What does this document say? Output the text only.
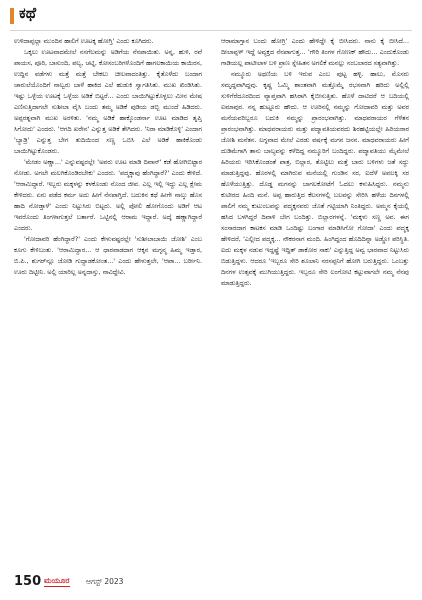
ಕಥೆ

ಉಳಿದಾಪ್ಪಲ್ಲಾ ಮುಂದಿನ ಹಾಲಿಗೆ ಊಟಕ್ಕ ಹೋಗ್ತಿ' ಎಂದು ಕೂಗಿದರು.

ಒಕ್ಕಲು ಊಟವಾದಮೇಲೆ ನಸಗೆಲಮನ್ನು ಅಡಿಗೆಯ ನೆನಪಾಯಿತು. ಅನ್ನ, ಹುಳಿ, ರವೆ ಪಾಯಸ, ಪೂರಿ, ಬಾಸುಂದಿ, ಪಲ್ಯ, ಚಟ್ನಿ, ಕೋಸಂಬರಿಗಳೊಂದಿಗೆ ಹಾಗಲಕಾಯಿಯ ಕಾಯಿರಸ, ಉದ್ದಿನ ವಡೆಗಳು ಮತ್ತೆ ಮತ್ತೆ ಬೇಕಲು ಚೀಲವಾದಂತಿತ್ತು. ಕೈತೊಳೆದು ಬಂದಾಗ ಚಾರುಲೆಯೊಂದಿಗೆ ನಾಲ್ವರು ಬಾಳೆ ಹಾಕಿದ ಎಲೆ ಹುಡುಕಿ ಸ್ವಾಗತಿಸಿತು. ಮುಖ ಖಿಂಡಿಸಿತು. ಇಷ್ಟು ಒಳ್ಳೆಯ ಊಟಕ್ಕೆ ಒಳ್ಳೆಯ ಅಡಿಕೆ ಬಿಟ್ಟರೆ... ಎಂದು ಬಾಯಿಗಿಟ್ಟುಕೊಳ್ಳಲು ಮೀನ ಮೇಷ ಎಣಿಸುತ್ತಿದಾಗಲೇ ಸುಶೀಲಾ ವೈಸಿ ಬಂದು ತಮ್ಮ ಅಡಿಕೆ ಪುಡಿಯ ಡಬ್ಬಿ ಮುಂದೆ ಹಿಡಿದರು. ಅಪ್ಪರತ್ನವಾಗಿ ಮುಖ ಅರಳಿತು. 'ನಮ್ಮ ಅಡಿಕೆ ಹಾಕ್ಕೊಂಡರ್ನಾ ಊಟ ಮಾಡಿದ ತೃಪ್ತಿ ಸಿಗೋದು' ಎಂದರು. 'ಆಗದಿ ಖರೇನ' ಎನ್ನುತ್ತ ಅಡಿಕೆ ತೇಗಿದರು. 'ನಿರಾ ಮಾಡಿಕೊಳ್ಳಿ' ಎಂದಾಗ 'ಬ್ಯಾಡ್ರಿ' ಎನ್ನುತ್ತ ಬೇಗ ತುದಿಯಿಂದ ಸಣ್ಣ ಒಬಿಸಿ ಎಲೆ ಅಡಿಕೆ ಹಾಕಿಕೊಂಡು ಬಾಯಿಗಿಟ್ಟುಕೊಂಡರು.

'ಮೇಡಂ ಅಣ್ಣಾ...' ಎನ್ನುವಷ್ಟರಲ್ಲೇ 'ಅವರು ಊಟ ಮಾಡಿ ದಿವಾನ್' ಕಡೆ ಹೋಗಿಬಿಟ್ಟಾರ ನೋಡು. ಅಗಲೇ ಮಲಗಿಕೊಂಡಿರಬೇಕು' ಎಂದರು. 'ಪದ್ಮಕ್ಕಾವು ಹೆಂಗಿದ್ದಾರೆ?' ಎಂದು ಕೇಳಿದೆ. 'ಆರಾಮಿದ್ದಾರೆ. ಇಬ್ಬರು ಮಕ್ಕಳನ್ನು ಕಳಕೊಂಡು ನೊಂದ ಜೀವ. ಎಲ್ಲ ಇಲ್ಲಿ ಇದ್ದು ಎಲ್ಲ ಕ್ಷೇಮ ಕೇಳಿದರು. ಏನು ಪಡೆದ ಕರ್ಮ ಅದು ಹೀಗೆ ನೆನಪಾಗ್ತಿದೆ. ಬದುಕಿನ ಕಥೆ ಹೀಗೇ ನಾಲ್ಕು ಹೊಸ ಹಾದಿ ನೋಡ್ತಾಳೆ' ಎಂದು ನಿಟ್ಟುಸಿರು ಬಿಟ್ಟರು. ಅಲ್ಲಿ ಪೋಲಿ ಹೋಗೊಂದು ಅಡಿಗೆ ಆಟ ಇವರೊಂದು ತಿಂಗಳಾಗುತ್ತಲೆ ಬರ್ತಾರೆ. ಒಟ್ಟಿನಲ್ಲಿ ಆರಾಮ ಇದ್ದಾರೆ. ಅದ್ಕೆ ಹಣ್ಣಾಗಿದ್ದಾರೆ ಎಂದರು.

'ಗೋದಾವರಿ ಹೆಂಗಿದ್ದಾರೆ?' ಎಂದು ಕೇಳುವಷ್ಟರಲ್ಲೇ 'ಸುಶೀಲಾಬಾಯಿ ಜೋಶಿ' ಎಂಬ ಕೂಗು ಕೇಳಿಬಂತು. 'ಆರಾಮಿದ್ದಾರ... ಆ ಧಾರವಾಡದಾಗ ಆಕ್ಕನ ಮಗ್ಳನ್ಮ ಹಿಮ್ಮ ಇಡ್ತಾರ, ಬಿ.ಪಿ., ಶುಗರ್‌ನ್ಲೂ ಜೋಡಿ ಗುದ್ದಾಡಕೋಂತ...' ಎಂದು ಹೇಳುತ್ತಲೇ, 'ಆಪಾ... ಬರ್ರೀನಿ. ಊರು ದಿಟ್ಟೀನಿ. ಅಲ್ಲಿ ಯಾರಿಲ್ಲ ಅನ್ನದಾಸ್ತು, ನಾವಿದ್ದೇವಿ.

ಆರಾಮಾಗ್ತಾನ ಬಂದು ಹೋಗ್ರಿ' ಎಂದು ಹೇಳಿದ್ದೇ ಕೈ ಬೀಸಿದರು. ನಾನು ಕೈ ಬೀಸಿದೆ... ದೀಲಾಪ್ಪಳ್ ಇದ್ದೆ ಅವ್ಯಕ್ತದ ನೆನಪಾಗುತ್ತ... 'ಗೌರಿ ತಿಂಗಳ ಗೋಣಕ್ ಹೌದು... ಎಂದುಕೊಂಡು ಗಾಡಿಯಲ್ಲ ಪಾಟೀಲಾಳ ಬಳಿ ಪ್ರಾಣ ಸ್ನೇಹಿತನ ಅಗಲಿಕೆ ಮನಲ್ಲು ನಂಬಲಾರದ ಸತ್ಯವಾಗಿತ್ತು.

ನಮ್ಮೂರು ಅಥಣಿಯ ಬಳಿ ಇರುವ ಎಂಬ ಪುಟ್ಟ ಹಳ್ಳಿ. ಹಾಲು, ಮೊಸರು ಸಮೃದ್ಧವಾಗಿದ್ದವು. ಕೃಷ್ಣ ಓಮ್ಮಿ ಶಾಂತವಾಗಿ ಮತ್ತೊಮ್ಮೆ ರಭಸವಾಗಿ ಹರಿದು ಅಲ್ಲಿಲ್ಲಿ ಸುಳಿಗೆರೆದೂರದಿಂದ ವ್ಯಾಪ್ತವಾಗಿ ಹಸಿರಾಗಿ ಕೈಬೀಸುತ್ತಿತು. ಹೊಳೆ ದಾಟಿದರೆ ಆ ಬದಿಯಲ್ಲಿ ಐಮಾಪುರ. ನನ್ನ ಹುಟ್ಟೂರು ಹೌದು. ಆ ಊರಿನಲ್ಲಿ ನಮ್ಮನ್ನು ಗೋದಾವರಿ ಮತ್ತು ಅವರ ಮನೆಯವರಿಬ್ಬರೂ ಬದುಕಿ ನಮ್ಮನ್ನು ಪ್ರಾರಂಭವಾಗಿತ್ತು. ಮಾಧವರಾಯರ ಗೆಳೆತನ ಪ್ರಾರಂಭವಾಗಿತ್ತು. ಮಾಧವರಾಯರು ಮತ್ತು ಪದ್ಮಾವತಿಯವರದು ಶಿರಹಟ್ಟಿಯಲ್ಲೇ ಹಿರಿಯರಾರ ಜೋಶಿ ಮನೆತನ. ಲಗ್ನವಾದ ಮೇಲೆ ಎರಡು ವರ್ಷಕ್ಕೆ ಮಗನ ಜನನ. ಮಾಧವರಾಯರು ಹೀಗೆ ದುಡಿಮೆಗಾಗಿ ತಾನು ಬಾಲ್ಯವನ್ನು ಕಳೆದಿದ್ದ ನಮ್ಮೂರಿಗೆ ಬಂದಿದ್ದರು. ಪದ್ಮಾವತಿಯು ಮೈಮೇಲೆ ಹಿರಿಯರು ಇರಿಸಿಕೊಂಡಂತೆ ಪಾತ್ರ, ಬಿಲ್ಲಾರ, ತೊಟ್ಟಿಲು ಮತ್ತೆ ಬಾರು ಬಳಿಗಳು ಜತೆ ಸದ್ದು ಮಾಡುತ್ತಿದ್ದವು. ಹೊರಳಲ್ಲಿ ಮಾಗಿರುವ ಮನೆಯಲ್ಲಿ ಗುಂಡಿನ ಸರ, ಐದೆಳೆ ಅವಲಕ್ಕಿ ಸರ ಹೊಳೆಯುತ್ತಿತ್ತು. ದೊಡ್ಡ ಮಗನನ್ನು ಬಾಗಲಕೋಟೆಗೆ ಓದಲು ಕಳುಹಿಸಿದ್ದರು. ನಮ್ಮನು ಕುಟೀರದ ಹಿಂದಿ ಮನೆ. ಅಪ್ಪ ಹಾರುತ್ತಿದ ಕೆಲಸಗಳಲ್ಲಿ ಬಲವನ್ನು ಸೇರಿಸಿ ಹಳೆಯ ದಿನಗಳಲ್ಲಿ ಪಾಲಿಗೆ ನಮ್ಮ ಕುಟುಂಬವನ್ನು ಪದ್ಮಕ್ಕನವರು ಜೊತೆ ಗಟ್ಟಿಯಾಗಿ ನಿಂತಿದ್ದರು. ಅಮ್ಮನ ಕೈಯಲ್ಲಿ ಹಸಿದ ಬಳಗಿದ್ದರೆ ದಿವಾಳಿ ಬೇಗ ಬಂದಿತ್ತು. ಬಿಲ್ಲಾರಗಳನ್ನೆ. 'ಮಕ್ಕಳು ಸಣ್ಣ ಅವ. ಈಗ ಸಂಸಾರದಾಗ ಕಾಟಕಸ ಮಾಡಿ ಒಂದಿಷ್ಟು ಬಂಗಾರ ಮಾಡಿಸಿಗೋ ಗೋದಾ' ಎಂದು ಪದ್ಮಕ್ಕ ಹೇಳಿದರೆ, 'ಎಲ್ಲೀದ ಪದ್ಮಕ್ಕ... ನೌಕರನಾಗ ಮಂದಿ. ಹಿಂಗಿದ್ದಂದ ಹೊದಿದಿನ್ನಾ ಅಡ್ಡೋ ಪರಿಸ್ಥಿತಿ. ಐದು ಮಕ್ಕಳ ನಡುವ ಇದ್ದಷ್ಟ್ರೆ ಇದ್ದಿತ್ ಡಾಕೋರ ಸಾಕು' ಎನ್ನುತ್ತಿದ್ದ ಅವ್ವ ಭಾರವಾದ ನಿಟ್ಟುಸಿರು ಬಿಡುತ್ತಿದ್ದಳು. ಆದರೂ 'ಇಬ್ಬರೂ ಸೇರಿ ಶೂಲಾನಿ ನರಸಪ್ಪನಿಗೆ ಹೋಗಿ ಬರುತ್ತಿದ್ದರು. ಒಂಬತ್ತು ದಿನಗಳ ಉತ್ಸವಕ್ಕೆ ಮುಗಿಯುತ್ತಿದ್ದರು. ಇಬ್ಬರೂ ಸೇರಿ ಲಂಗೋಟಿ ಕಟ್ಟುವಾಗಲೇ ನಮ್ಮ ನೆನಪು ಮಾಡುತ್ತಿದ್ದರು.

150 ಮಯೂರ ಆಗಸ್ಟ್ 2023
